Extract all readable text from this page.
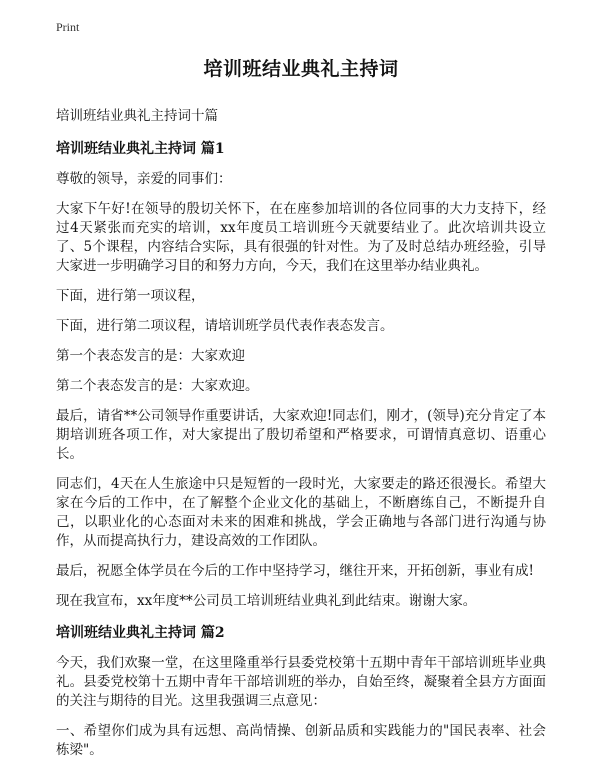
Print
培训班结业典礼主持词
培训班结业典礼主持词十篇
培训班结业典礼主持词 篇1

尊敬的领导，亲爱的同事们：

大家下午好!在领导的殷切关怀下，在在座参加培训的各位同事的大力支持下，经过4天紧张而充实的培训，xx年度员工培训班今天就要结业了。此次培训共设立了、5个课程，内容结合实际，具有很强的针对性。为了及时总结办班经验，引导大家进一步明确学习目的和努力方向，今天，我们在这里举办结业典礼。

下面，进行第一项议程，

下面，进行第二项议程，请培训班学员代表作表态发言。

第一个表态发言的是：大家欢迎

第二个表态发言的是：大家欢迎。

最后，请省**公司领导作重要讲话，大家欢迎!同志们，刚才，(领导)充分肯定了本期培训班各项工作，对大家提出了殷切希望和严格要求，可谓情真意切、语重心长。

同志们，4天在人生旅途中只是短暂的一段时光，大家要走的路还很漫长。希望大家在今后的工作中，在了解整个企业文化的基础上，不断磨练自己，不断提升自己，以职业化的心态面对未来的困难和挑战，学会正确地与各部门进行沟通与协作，从而提高执行力，建设高效的工作团队。

最后，祝愿全体学员在今后的工作中坚持学习，继往开来，开拓创新，事业有成!

现在我宣布，xx年度**公司员工培训班结业典礼到此结束。谢谢大家。

培训班结业典礼主持词 篇2

今天，我们欢聚一堂，在这里隆重举行县委党校第十五期中青年干部培训班毕业典礼。县委党校第十五期中青年干部培训班的举办，自始至终，凝聚着全县方方面面的关注与期待的目光。这里我强调三点意见：

一、希望你们成为具有远想、高尚情操、创新品质和实践能力的"国民表率、社会栋梁"。
